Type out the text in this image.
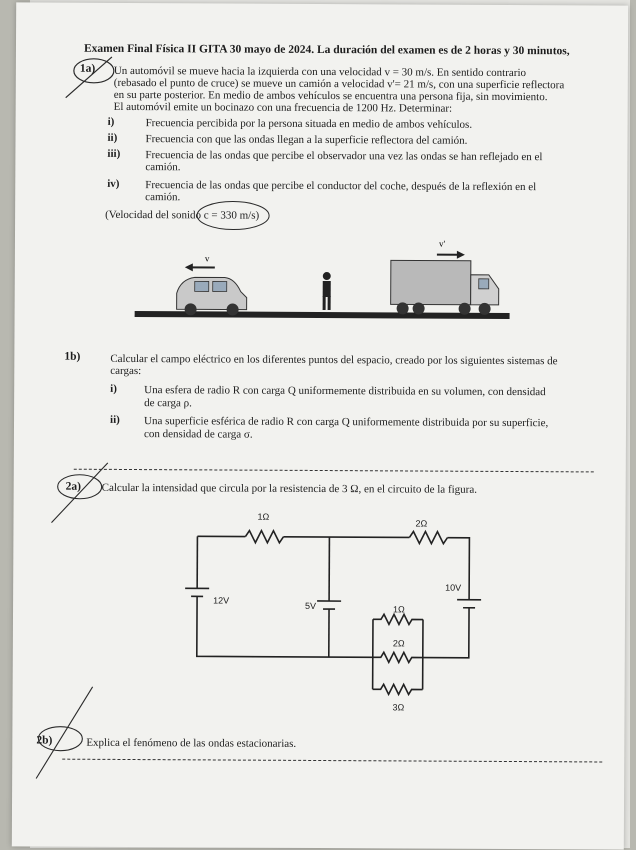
Examen Final Física II GITA 30 mayo de 2024. La duración del examen es de 2 horas y 30 minutos,
1a) Un automóvil se mueve hacia la izquierda con una velocidad v = 30 m/s. En sentido contrario
(rebasado el punto de cruce) se mueve un camión a velocidad v'= 21 m/s, con una superficie reflectora
en su parte posterior. En medio de ambos vehículos se encuentra una persona fija, sin movimiento.
El automóvil emite un bocinazo con una frecuencia de 1200 Hz. Determinar:
i)	Frecuencia percibida por la persona situada en medio de ambos vehículos.
ii)	Frecuencia con que las ondas llegan a la superficie reflectora del camión.
iii) Frecuencia de las ondas que percibe el observador una vez las ondas se han reflejado en el
camión.
iv) Frecuencia de las ondas que percibe el conductor del coche, después de la reflexión en el
camión.
(Velocidad del sonido c = 330 m/s)
v
v'
1b)	Calcular el campo eléctrico en los diferentes puntos del espacio, creado por los siguientes sistemas de
cargas:
i) Una esfera de radio R con carga Q uniformemente distribuida en su volumen, con densidad
de carga ρ.
ii) Una superficie esférica de radio R con carga Q uniformemente distribuida por su superficie,
con densidad de carga σ.
2a) Calcular la intensidad que circula por la resistencia de 3 Ω, en el circuito de la figura.
1Ω
2Ω
12V
5V
10V
1Ω
2Ω
3Ω
2b)	Explica el fenómeno de las ondas estacionarias.
